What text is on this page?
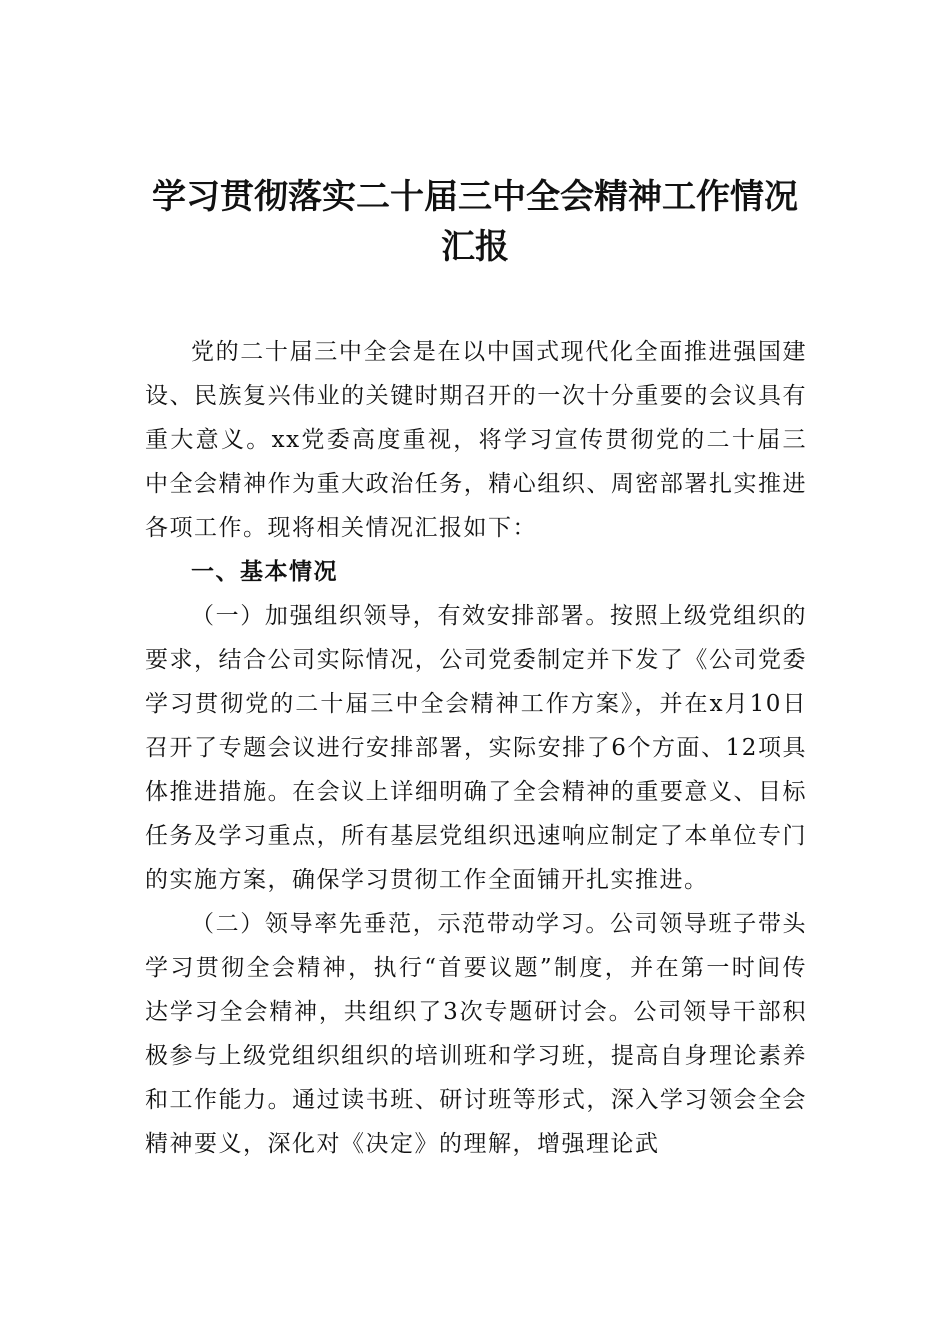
学习贯彻落实二十届三中全会精神工作情况汇报

党的二十届三中全会是在以中国式现代化全面推进强国建设、民族复兴伟业的关键时期召开的一次十分重要的会议具有重大意义。xx党委高度重视，将学习宣传贯彻党的二十届三中全会精神作为重大政治任务，精心组织、周密部署扎实推进各项工作。现将相关情况汇报如下：

一、基本情况

（一）加强组织领导，有效安排部署。按照上级党组织的要求，结合公司实际情况，公司党委制定并下发了《公司党委学习贯彻党的二十届三中全会精神工作方案》，并在x月10日召开了专题会议进行安排部署，实际安排了6个方面、12项具体推进措施。在会议上详细明确了全会精神的重要意义、目标任务及学习重点，所有基层党组织迅速响应制定了本单位专门的实施方案，确保学习贯彻工作全面铺开扎实推进。

（二）领导率先垂范，示范带动学习。公司领导班子带头学习贯彻全会精神，执行“首要议题”制度，并在第一时间传达学习全会精神，共组织了3次专题研讨会。公司领导干部积极参与上级党组织组织的培训班和学习班，提高自身理论素养和工作能力。通过读书班、研讨班等形式，深入学习领会全会精神要义，深化对《决定》的理解，增强理论武
